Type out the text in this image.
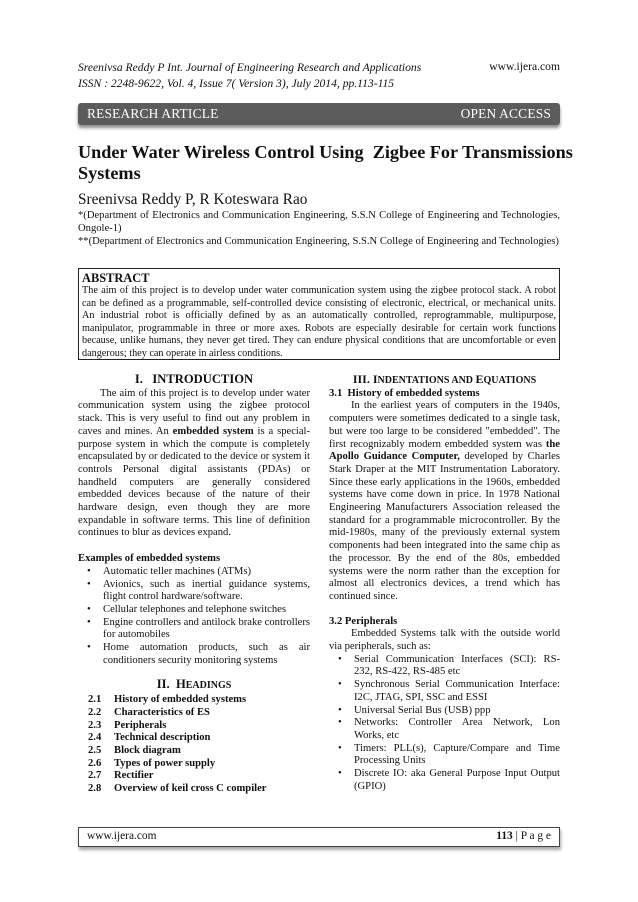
Sreenivsa Reddy P Int. Journal of Engineering Research and Applications
ISSN : 2248-9622, Vol. 4, Issue 7( Version 3), July 2014, pp.113-115
www.ijera.com
RESEARCH ARTICLE	OPEN ACCESS
Under Water Wireless Control Using  Zigbee For Transmissions
Systems
Sreenivsa Reddy P, R Koteswara Rao
*(Department of Electronics and Communication Engineering, S.S.N College of Engineering and Technologies, Ongole-1)
**(Department of Electronics and Communication Engineering, S.S.N College of Engineering and Technologies)
ABSTRACT
The aim of this project is to develop under water communication system using the zigbee protocol stack. A robot can be defined as a programmable, self-controlled device consisting of electronic, electrical, or mechanical units. An industrial robot is officially defined by as an automatically controlled, reprogrammable, multipurpose, manipulator, programmable in three or more axes. Robots are especially desirable for certain work functions because, unlike humans, they never get tired. They can endure physical conditions that are uncomfortable or even dangerous; they can operate in airless conditions.
I.   INTRODUCTION
The aim of this project is to develop under water communication system using the zigbee protocol stack. This is very useful to find out any problem in caves and mines. An embedded system is a special-purpose system in which the compute is completely encapsulated by or dedicated to the device or system it controls Personal digital assistants (PDAs) or handheld computers are generally considered embedded devices because of the nature of their hardware design, even though they are more expandable in software terms. This line of definition continues to blur as devices expand.
Examples of embedded systems
• Automatic teller machines (ATMs)
• Avionics, such as inertial guidance systems, flight control hardware/software.
• Cellular telephones and telephone switches
• Engine controllers and antilock brake controllers for automobiles
• Home automation products, such as air conditioners security monitoring systems
II. HEADINGS
2.1 History of embedded systems
2.2 Characteristics of ES
2.3 Peripherals
2.4 Technical description
2.5 Block diagram
2.6 Types of power supply
2.7 Rectifier
2.8 Overview of keil cross C compiler
III. INDENTATIONS AND EQUATIONS
3.1  History of embedded systems
In the earliest years of computers in the 1940s, computers were sometimes dedicated to a single task, but were too large to be considered "embedded". The first recognizably modern embedded system was the Apollo Guidance Computer, developed by Charles Stark Draper at the MIT Instrumentation Laboratory. Since these early applications in the 1960s, embedded systems have come down in price. In 1978 National Engineering Manufacturers Association released the standard for a programmable microcontroller. By the mid-1980s, many of the previously external system components had been integrated into the same chip as the processor. By the end of the 80s, embedded systems were the norm rather than the exception for almost all electronics devices, a trend which has continued since.
3.2 Peripherals
Embedded Systems talk with the outside world via peripherals, such as:
• Serial Communication Interfaces (SCI): RS-232, RS-422, RS-485 etc
• Synchronous Serial Communication Interface: I2C, JTAG, SPI, SSC and ESSI
• Universal Serial Bus (USB) ppp
• Networks: Controller Area Network, Lon Works, etc
• Timers: PLL(s), Capture/Compare and Time Processing Units
• Discrete IO: aka General Purpose Input Output (GPIO)
www.ijera.com	113 | P a g e
